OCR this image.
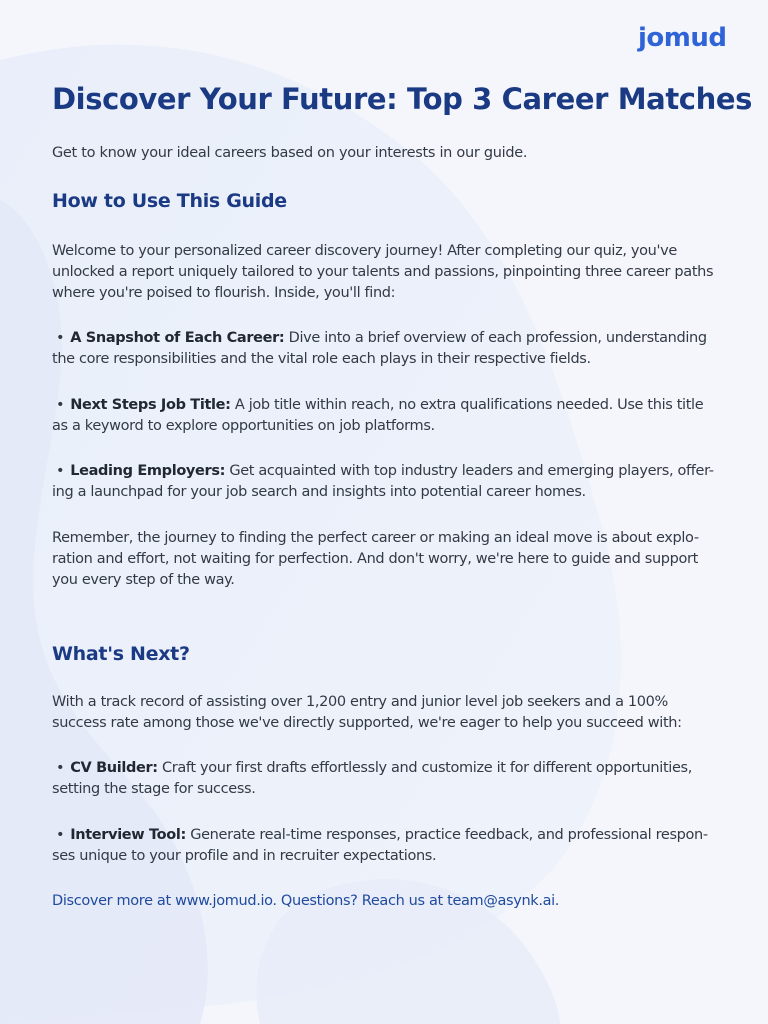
jomud
Discover Your Future: Top 3 Career Matches

Get to know your ideal careers based on your interests in our guide.

How to Use This Guide

Welcome to your personalized career discovery journey! After completing our quiz, you've unlocked a report uniquely tailored to your talents and passions, pinpointing three career paths where you're poised to flourish. Inside, you'll find:

• A Snapshot of Each Career: Dive into a brief overview of each profession, understanding the core responsibilities and the vital role each plays in their respective fields.

• Next Steps Job Title: A job title within reach, no extra qualifications needed. Use this title as a keyword to explore opportunities on job platforms.

• Leading Employers: Get acquainted with top industry leaders and emerging players, offer-ing a launchpad for your job search and insights into potential career homes.

Remember, the journey to finding the perfect career or making an ideal move is about explo-ration and effort, not waiting for perfection. And don't worry, we're here to guide and support you every step of the way.

What's Next?

With a track record of assisting over 1,200 entry and junior level job seekers and a 100% success rate among those we've directly supported, we're eager to help you succeed with:

• CV Builder: Craft your first drafts effortlessly and customize it for different opportunities, setting the stage for success.

• Interview Tool: Generate real-time responses, practice feedback, and professional respon-ses unique to your profile and in recruiter expectations.

Discover more at www.jomud.io. Questions? Reach us at team@asynk.ai.
